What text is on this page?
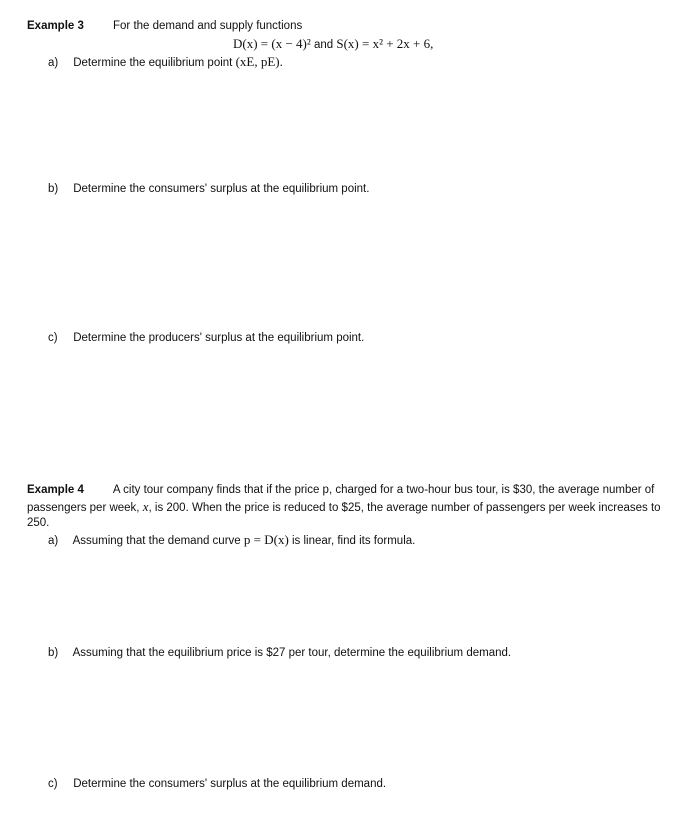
Example 3	For the demand and supply functions
D(x) = (x − 4)² and S(x) = x² + 2x + 6,
a) Determine the equilibrium point (xE, pE).
b) Determine the consumers' surplus at the equilibrium point.
c) Determine the producers' surplus at the equilibrium point.
Example 4	A city tour company finds that if the price p, charged for a two-hour bus tour, is $30, the average number of passengers per week, x, is 200. When the price is reduced to $25, the average number of passengers per week increases to 250.
a) Assuming that the demand curve p = D(x) is linear, find its formula.
b) Assuming that the equilibrium price is $27 per tour, determine the equilibrium demand.
c) Determine the consumers' surplus at the equilibrium demand.
